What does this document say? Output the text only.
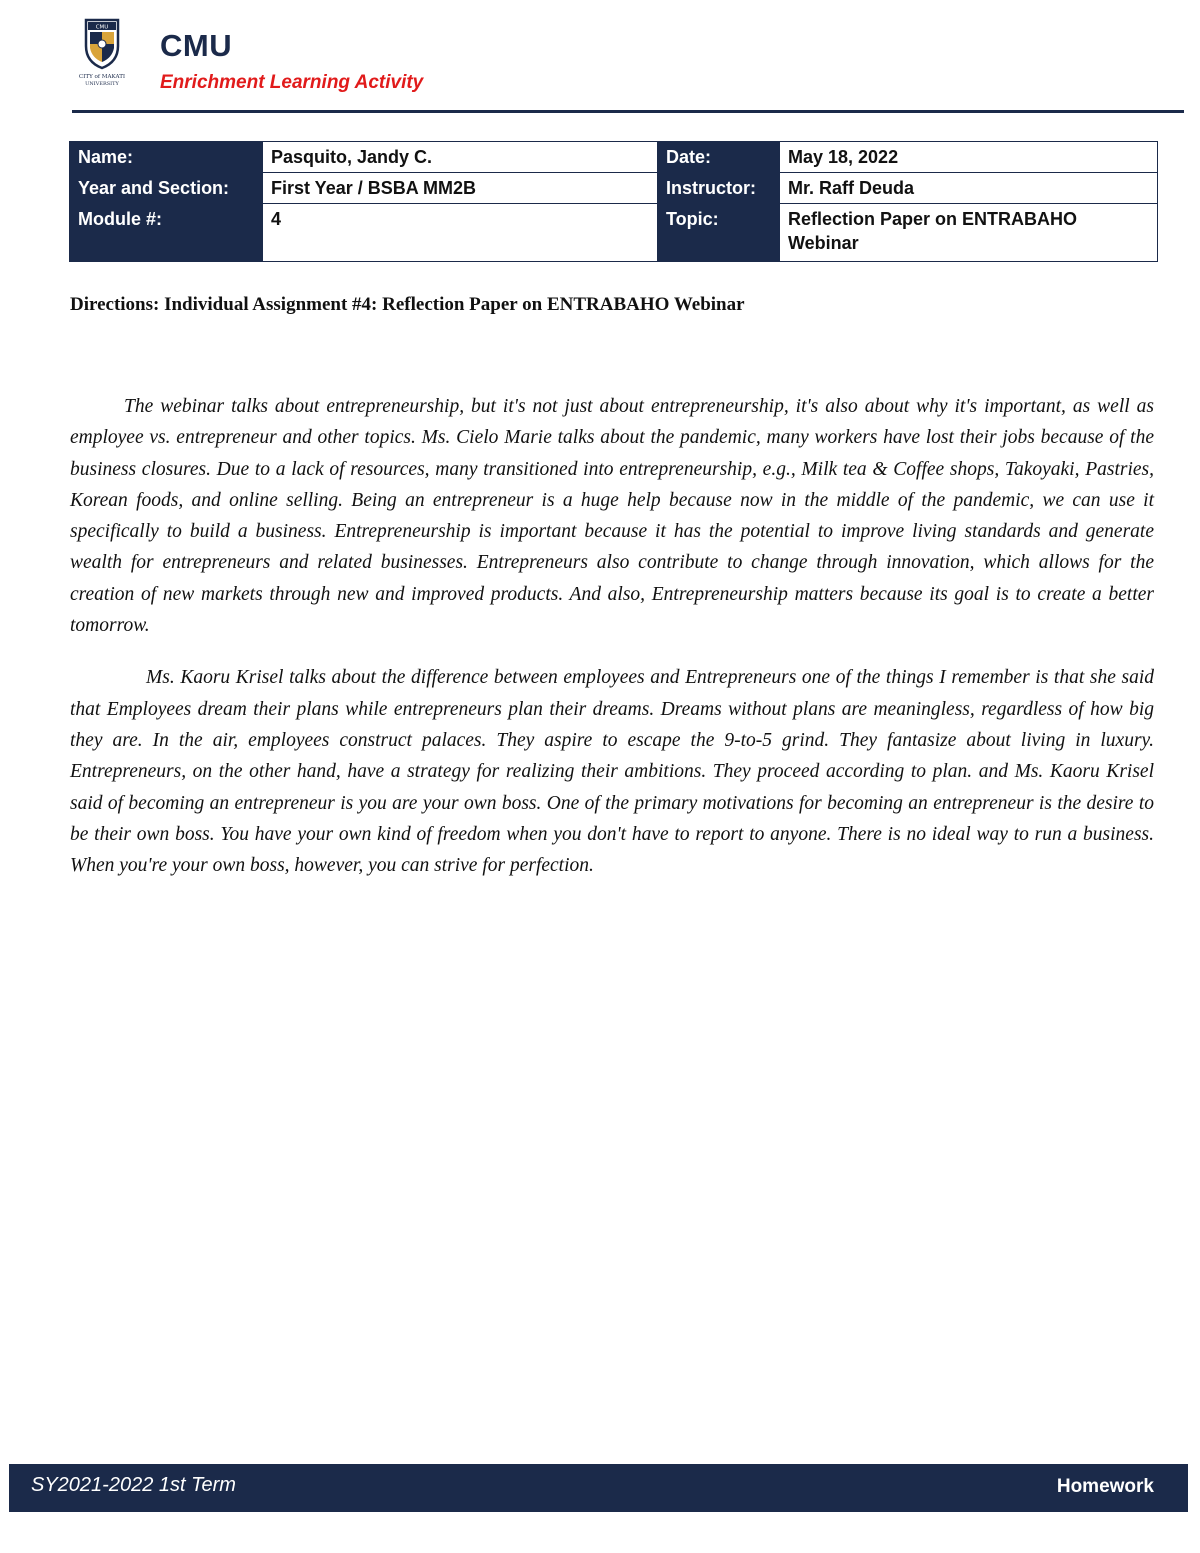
CMU
CITY of MAKATI
UNIVERSITY
CMU

Enrichment Learning Activity

Name:	Pasquito, Jandy C.	Date:	May 18, 2022
Year and Section:	First Year / BSBA MM2B	Instructor:	Mr. Raff Deuda
Module #:	4	Topic:	Reflection Paper on ENTRABAHO Webinar

Directions: Individual Assignment #4: Reflection Paper on ENTRABAHO Webinar

The webinar talks about entrepreneurship, but it's not just about entrepreneurship, it's also about why it's important, as well as employee vs. entrepreneur and other topics. Ms. Cielo Marie talks about the pandemic, many workers have lost their jobs because of the business closures. Due to a lack of resources, many transitioned into entrepreneurship, e.g., Milk tea & Coffee shops, Takoyaki, Pastries, Korean foods, and online selling. Being an entrepreneur is a huge help because now in the middle of the pandemic, we can use it specifically to build a business. Entrepreneurship is important because it has the potential to improve living standards and generate wealth for entrepreneurs and related businesses. Entrepreneurs also contribute to change through innovation, which allows for the creation of new markets through new and improved products. And also, Entrepreneurship matters because its goal is to create a better tomorrow.

Ms. Kaoru Krisel talks about the difference between employees and Entrepreneurs one of the things I remember is that she said that Employees dream their plans while entrepreneurs plan their dreams. Dreams without plans are meaningless, regardless of how big they are. In the air, employees construct palaces. They aspire to escape the 9-to-5 grind. They fantasize about living in luxury. Entrepreneurs, on the other hand, have a strategy for realizing their ambitions. They proceed according to plan. and Ms. Kaoru Krisel said of becoming an entrepreneur is you are your own boss. One of the primary motivations for becoming an entrepreneur is the desire to be their own boss. You have your own kind of freedom when you don't have to report to anyone. There is no ideal way to run a business. When you're your own boss, however, you can strive for perfection.

SY2021-2022 1st Term	Homework
